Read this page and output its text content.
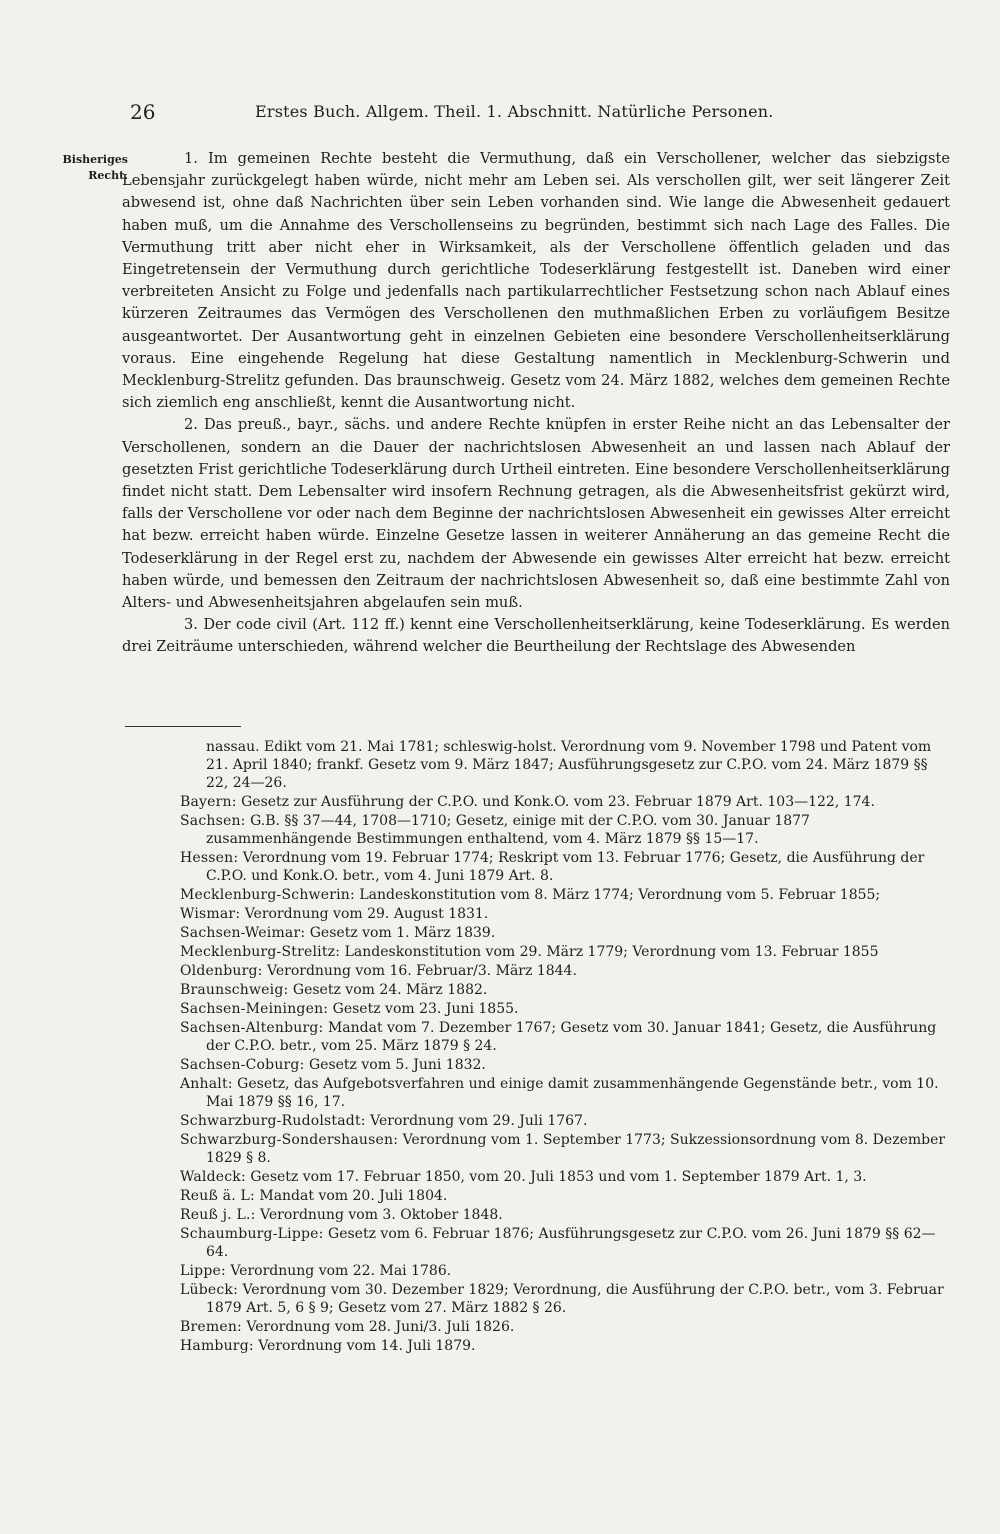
26	Erstes Buch. Allgem. Theil. 1. Abschnitt. Natürliche Personen.
Bisheriges
Recht.

1. Im gemeinen Rechte besteht die Vermuthung, daß ein Verschollener, welcher das siebzigste Lebensjahr zurückgelegt haben würde, nicht mehr am Leben sei. Als verschollen gilt, wer seit längerer Zeit abwesend ist, ohne daß Nachrichten über sein Leben vorhanden sind. Wie lange die Abwesenheit gedauert haben muß, um die Annahme des Verschollenseins zu begründen, bestimmt sich nach Lage des Falles. Die Vermuthung tritt aber nicht eher in Wirksamkeit, als der Verschollene öffentlich geladen und das Eingetretensein der Vermuthung durch gerichtliche Todeserklärung festgestellt ist. Daneben wird einer verbreiteten Ansicht zu Folge und jedenfalls nach partikularrechtlicher Festsetzung schon nach Ablauf eines kürzeren Zeitraumes das Vermögen des Verschollenen den muthmaßlichen Erben zu vorläufigem Besitze ausgeantwortet. Der Ausantwortung geht in einzelnen Gebieten eine besondere Verschollenheitserklärung voraus. Eine eingehende Regelung hat diese Gestaltung namentlich in Mecklenburg-Schwerin und Mecklenburg-Strelitz gefunden. Das braunschweig. Gesetz vom 24. März 1882, welches dem gemeinen Rechte sich ziemlich eng anschließt, kennt die Ausantwortung nicht.

2. Das preuß., bayr., sächs. und andere Rechte knüpfen in erster Reihe nicht an das Lebensalter der Verschollenen, sondern an die Dauer der nachrichtslosen Abwesenheit an und lassen nach Ablauf der gesetzten Frist gerichtliche Todeserklärung durch Urtheil eintreten. Eine besondere Verschollenheitserklärung findet nicht statt. Dem Lebensalter wird insofern Rechnung getragen, als die Abwesenheitsfrist gekürzt wird, falls der Verschollene vor oder nach dem Beginne der nachrichtslosen Abwesenheit ein gewisses Alter erreicht hat bezw. erreicht haben würde. Einzelne Gesetze lassen in weiterer Annäherung an das gemeine Recht die Todeserklärung in der Regel erst zu, nachdem der Abwesende ein gewisses Alter erreicht hat bezw. erreicht haben würde, und bemessen den Zeitraum der nachrichtslosen Abwesenheit so, daß eine bestimmte Zahl von Alters- und Abwesenheitsjahren abgelaufen sein muß.

3. Der code civil (Art. 112 ff.) kennt eine Verschollenheitserklärung, keine Todeserklärung. Es werden drei Zeiträume unterschieden, während welcher die Beurtheilung der Rechtslage des Abwesenden

nassau. Edikt vom 21. Mai 1781; schleswig-holst. Verordnung vom 9. November 1798 und Patent vom 21. April 1840; frankf. Gesetz vom 9. März 1847; Ausführungsgesetz zur C.P.O. vom 24. März 1879 §§ 22, 24—26.
Bayern: Gesetz zur Ausführung der C.P.O. und Konk.O. vom 23. Februar 1879 Art. 103—122, 174.
Sachsen: G.B. §§ 37—44, 1708—1710; Gesetz, einige mit der C.P.O. vom 30. Januar 1877 zusammenhängende Bestimmungen enthaltend, vom 4. März 1879 §§ 15—17.
Hessen: Verordnung vom 19. Februar 1774; Reskript vom 13. Februar 1776; Gesetz, die Ausführung der C.P.O. und Konk.O. betr., vom 4. Juni 1879 Art. 8.
Mecklenburg-Schwerin: Landeskonstitution vom 8. März 1774; Verordnung vom 5. Februar 1855;
Wismar: Verordnung vom 29. August 1831.
Sachsen-Weimar: Gesetz vom 1. März 1839.
Mecklenburg-Strelitz: Landeskonstitution vom 29. März 1779; Verordnung vom 13. Februar 1855
Oldenburg: Verordnung vom 16. Februar/3. März 1844.
Braunschweig: Gesetz vom 24. März 1882.
Sachsen-Meiningen: Gesetz vom 23. Juni 1855.
Sachsen-Altenburg: Mandat vom 7. Dezember 1767; Gesetz vom 30. Januar 1841; Gesetz, die Ausführung der C.P.O. betr., vom 25. März 1879 § 24.
Sachsen-Coburg: Gesetz vom 5. Juni 1832.
Anhalt: Gesetz, das Aufgebotsverfahren und einige damit zusammenhängende Gegenstände betr., vom 10. Mai 1879 §§ 16, 17.
Schwarzburg-Rudolstadt: Verordnung vom 29. Juli 1767.
Schwarzburg-Sondershausen: Verordnung vom 1. September 1773; Sukzessionsordnung vom 8. Dezember 1829 § 8.
Waldeck: Gesetz vom 17. Februar 1850, vom 20. Juli 1853 und vom 1. September 1879 Art. 1, 3.
Reuß ä. L: Mandat vom 20. Juli 1804.
Reuß j. L.: Verordnung vom 3. Oktober 1848.
Schaumburg-Lippe: Gesetz vom 6. Februar 1876; Ausführungsgesetz zur C.P.O. vom 26. Juni 1879 §§ 62—64.
Lippe: Verordnung vom 22. Mai 1786.
Lübeck: Verordnung vom 30. Dezember 1829; Verordnung, die Ausführung der C.P.O. betr., vom 3. Februar 1879 Art. 5, 6 § 9; Gesetz vom 27. März 1882 § 26.
Bremen: Verordnung vom 28. Juni/3. Juli 1826.
Hamburg: Verordnung vom 14. Juli 1879.
